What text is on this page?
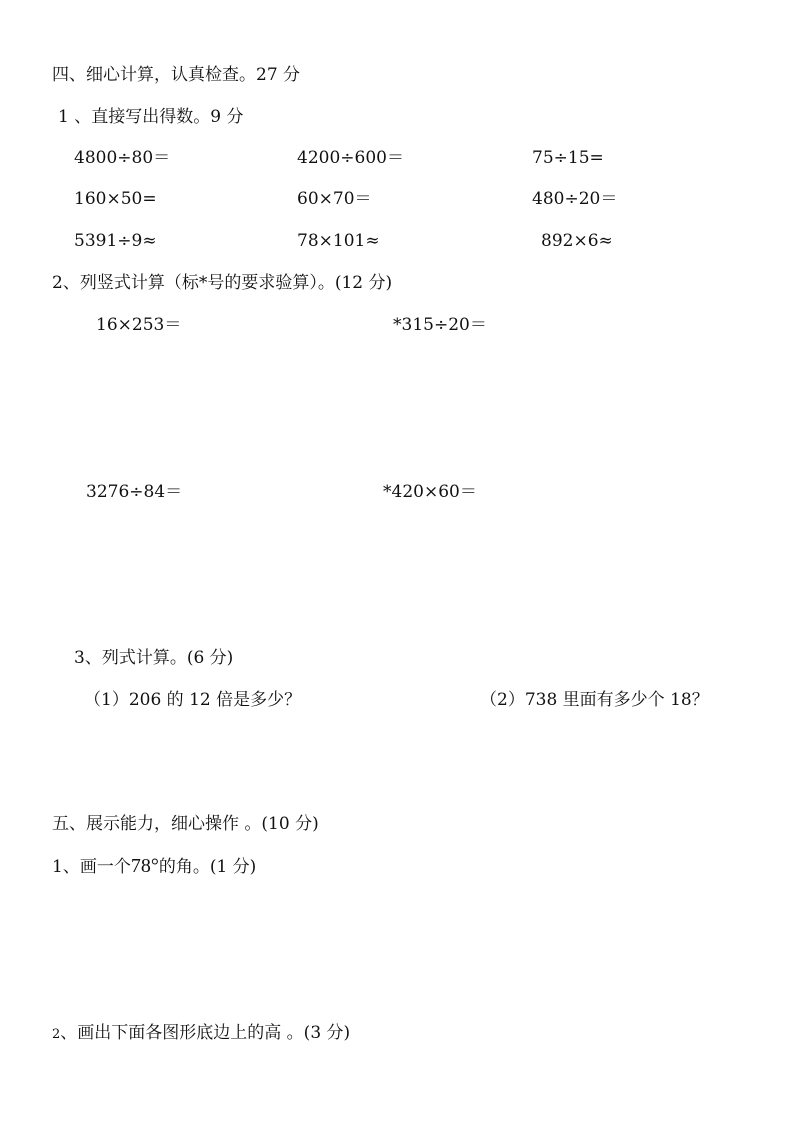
四、细心计算，认真检查。27 分
1 、直接写出得数。9 分
4800÷80＝	4200÷600＝	75÷15=
160×50=	60×70＝	480÷20＝
5391÷9≈	78×101≈	892×6≈
2、列竖式计算（标*号的要求验算）。(12 分)
16×253＝	*315÷20＝
3276÷84＝	*420×60＝
3、列式计算。(6 分)
（1）206 的 12 倍是多少？	（2）738 里面有多少个 18？
五、展示能力，细心操作 。(10 分)
1、画一个78°的角。(1 分)
2、画出下面各图形底边上的高 。(3 分)
